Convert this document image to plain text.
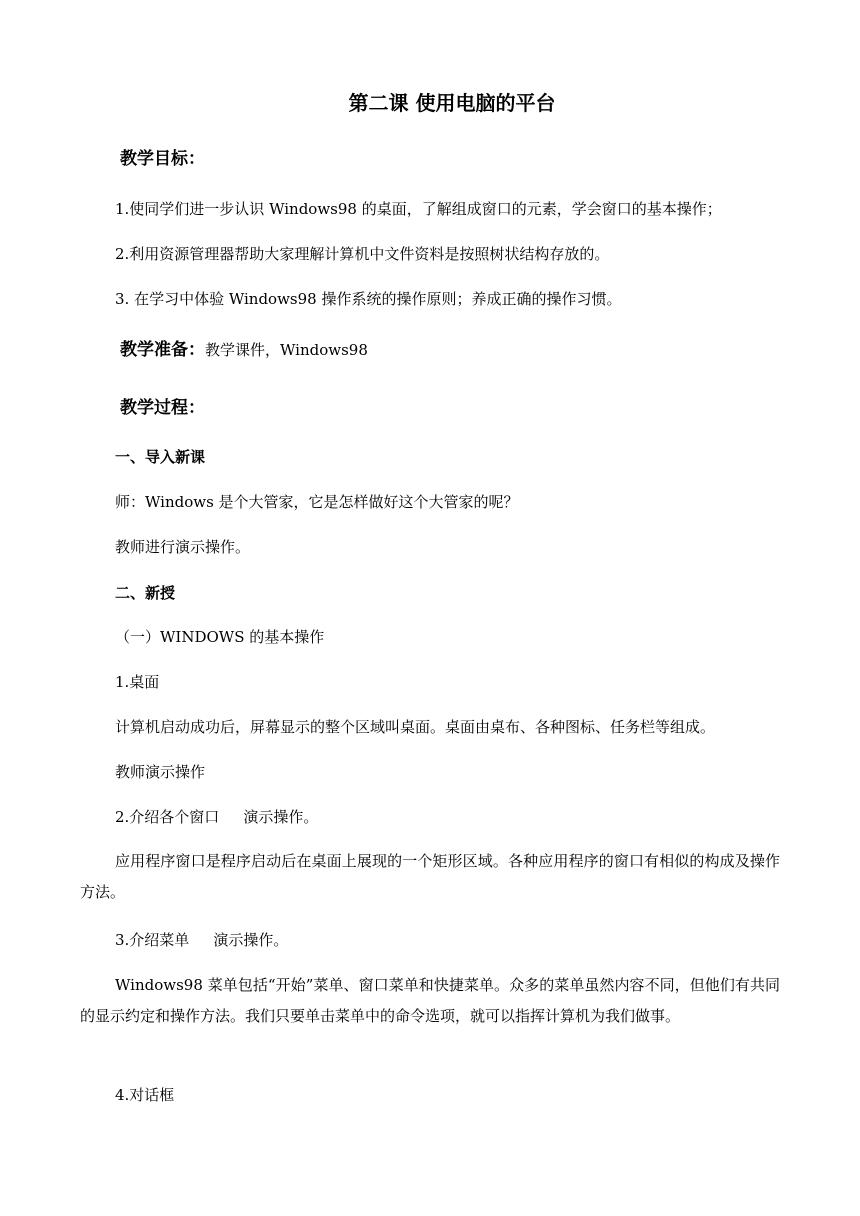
第二课 使用电脑的平台
教学目标：
1.使同学们进一步认识 Windows98 的桌面，了解组成窗口的元素，学会窗口的基本操作；
2.利用资源管理器帮助大家理解计算机中文件资料是按照树状结构存放的。
3. 在学习中体验 Windows98 操作系统的操作原则；养成正确的操作习惯。
教学准备：教学课件，Windows98
教学过程：
一、导入新课
师：Windows 是个大管家，它是怎样做好这个大管家的呢？
教师进行演示操作。
二、新授
（一）WINDOWS 的基本操作
1.桌面
计算机启动成功后，屏幕显示的整个区域叫桌面。桌面由桌布、各种图标、任务栏等组成。
教师演示操作
2.介绍各个窗口 演示操作。
应用程序窗口是程序启动后在桌面上展现的一个矩形区域。各种应用程序的窗口有相似的构成及操作方法。
3.介绍菜单 演示操作。
Windows98 菜单包括“开始”菜单、窗口菜单和快捷菜单。众多的菜单虽然内容不同，但他们有共同的显示约定和操作方法。我们只要单击菜单中的命令选项，就可以指挥计算机为我们做事。
4.对话框
